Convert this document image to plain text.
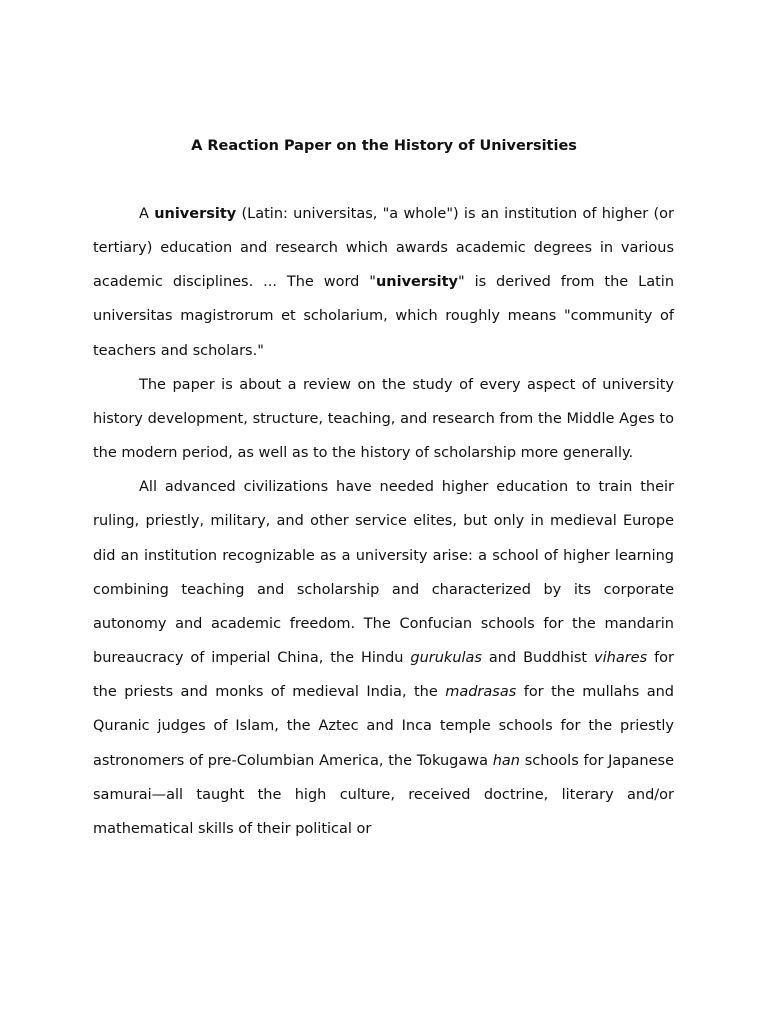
A Reaction Paper on the History of Universities

A university (Latin: universitas, "a whole") is an institution of higher (or tertiary) education and research which awards academic degrees in various academic disciplines. ... The word "university" is derived from the Latin universitas magistrorum et scholarium, which roughly means "community of teachers and scholars."

The paper is about a review on the study of every aspect of university history development, structure, teaching, and research from the Middle Ages to the modern period, as well as to the history of scholarship more generally.

All advanced civilizations have needed higher education to train their ruling, priestly, military, and other service elites, but only in medieval Europe did an institution recognizable as a university arise: a school of higher learning combining teaching and scholarship and characterized by its corporate autonomy and academic freedom. The Confucian schools for the mandarin bureaucracy of imperial China, the Hindu gurukulas and Buddhist vihares for the priests and monks of medieval India, the madrasas for the mullahs and Quranic judges of Islam, the Aztec and Inca temple schools for the priestly astronomers of pre-Columbian America, the Tokugawa han schools for Japanese samurai—all taught the high culture, received doctrine, literary and/or mathematical skills of their political or
